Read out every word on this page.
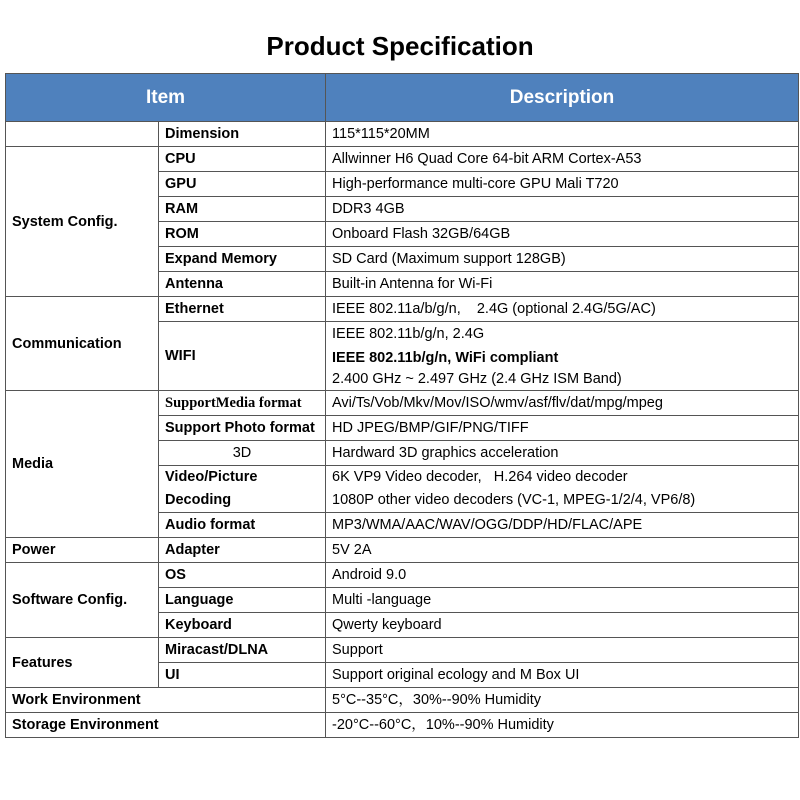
Product Specification
Item		Description
	Dimension	115*115*20MM
System Config.	CPU	Allwinner H6 Quad Core 64-bit ARM Cortex-A53
	GPU	High-performance multi-core GPU Mali T720
	RAM	DDR3 4GB
	ROM	Onboard Flash 32GB/64GB
	Expand Memory	SD Card (Maximum support 128GB)
	Antenna	Built-in Antenna for Wi-Fi
Communication	Ethernet	IEEE 802.11a/b/g/n,    2.4G (optional 2.4G/5G/AC)
	WIFI	IEEE 802.11b/g/n, 2.4G
		IEEE 802.11b/g/n, WiFi compliant
		2.400 GHz ~ 2.497 GHz (2.4 GHz ISM Band)
Media	SupportMedia format	Avi/Ts/Vob/Mkv/Mov/ISO/wmv/asf/flv/dat/mpg/mpeg
	Support Photo format	HD JPEG/BMP/GIF/PNG/TIFF
	3D	Hardward 3D graphics acceleration
	Video/Picture	6K VP9 Video decoder,   H.264 video decoder
	Decoding	1080P other video decoders (VC-1, MPEG-1/2/4, VP6/8)
	Audio format	MP3/WMA/AAC/WAV/OGG/DDP/HD/FLAC/APE
Power	Adapter	5V 2A
Software Config.	OS	Android 9.0
	Language	Multi -language
	Keyboard	Qwerty keyboard
Features	Miracast/DLNA	Support
	UI	Support original ecology and M Box UI
Work Environment		5°C--35°C，30%--90% Humidity
Storage Environment		-20°C--60°C，10%--90% Humidity
